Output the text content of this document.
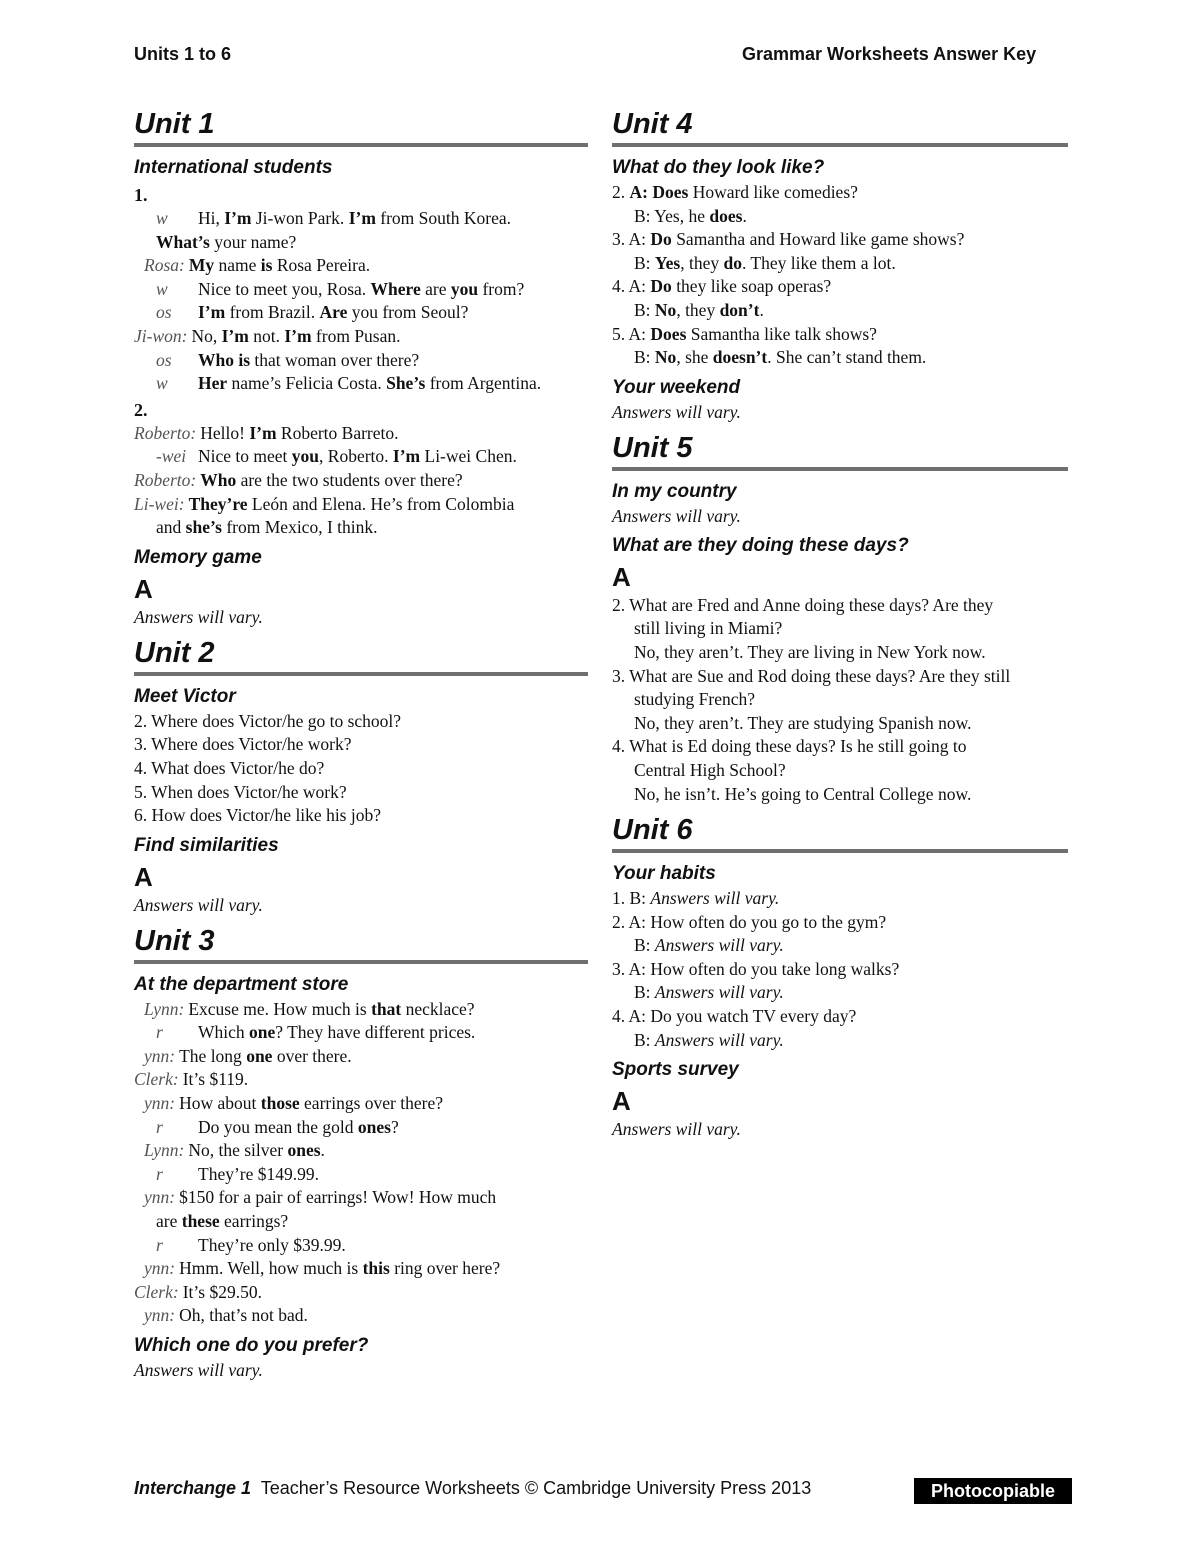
Units 1 to 6	Grammar Worksheets Answer Key
Unit 1
International students
1.
w Hi, I’m Ji-won Park. I’m from South Korea.
What’s your name?
Rosa: My name is Rosa Pereira.
w Nice to meet you, Rosa. Where are you from?
os I’m from Brazil. Are you from Seoul?
Ji-won: No, I’m not. I’m from Pusan.
os Who is that woman over there?
w Her name’s Felicia Costa. She’s from Argentina.
2.
Roberto: Hello! I’m Roberto Barreto.
-wei Nice to meet you, Roberto. I’m Li-wei Chen.
Roberto: Who are the two students over there?
Li-wei: They’re León and Elena. He’s from Colombia
and she’s from Mexico, I think.
Memory game
A
Answers will vary.
Unit 2
Meet Victor
2. Where does Victor/he go to school?
3. Where does Victor/he work?
4. What does Victor/he do?
5. When does Victor/he work?
6. How does Victor/he like his job?
Find similarities
A
Answers will vary.
Unit 3
At the department store
Lynn: Excuse me. How much is that necklace?
r Which one? They have different prices.
ynn: The long one over there.
Clerk: It’s $119.
ynn: How about those earrings over there?
r Do you mean the gold ones?
Lynn: No, the silver ones.
r They’re $149.99.
ynn: $150 for a pair of earrings! Wow! How much
are these earrings?
r They’re only $39.99.
ynn: Hmm. Well, how much is this ring over here?
Clerk: It’s $29.50.
ynn: Oh, that’s not bad.
Which one do you prefer?
Answers will vary.
Unit 4
What do they look like?
2. A: Does Howard like comedies?
B: Yes, he does.
3. A: Do Samantha and Howard like game shows?
B: Yes, they do. They like them a lot.
4. A: Do they like soap operas?
B: No, they don’t.
5. A: Does Samantha like talk shows?
B: No, she doesn’t. She can’t stand them.
Your weekend
Answers will vary.
Unit 5
In my country
Answers will vary.
What are they doing these days?
A
2. What are Fred and Anne doing these days? Are they
still living in Miami?
No, they aren’t. They are living in New York now.
3. What are Sue and Rod doing these days? Are they still
studying French?
No, they aren’t. They are studying Spanish now.
4. What is Ed doing these days? Is he still going to
Central High School?
No, he isn’t. He’s going to Central College now.
Unit 6
Your habits
1. B: Answers will vary.
2. A: How often do you go to the gym?
B: Answers will vary.
3. A: How often do you take long walks?
B: Answers will vary.
4. A: Do you watch TV every day?
B: Answers will vary.
Sports survey
A
Answers will vary.
Interchange 1 Teacher’s Resource Worksheets © Cambridge University Press 2013	Photocopiable
